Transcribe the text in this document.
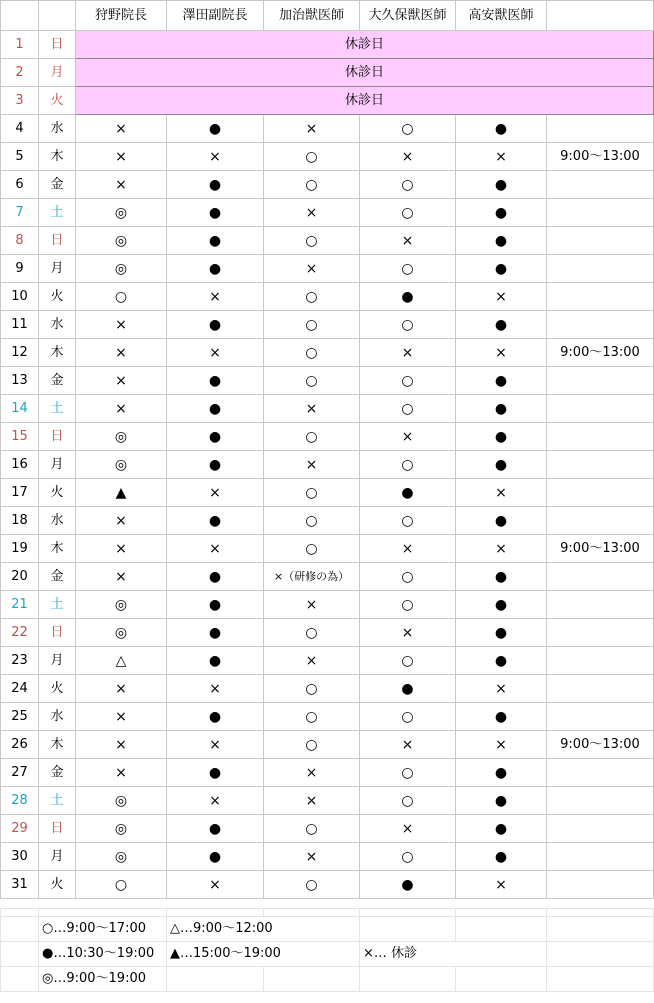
		狩野院長	澤田副院長	加治獣医師	大久保獣医師	高安獣医師	
1	日	休診日					
2	月	休診日					
3	火	休診日					
4	水	×	●	×	○	●	
5	木	×	×	○	×	×	9:00〜13:00
6	金	×	●	○	○	●	
7	土	◎	●	×	○	●	
8	日	◎	●	○	×	●	
9	月	◎	●	×	○	●	
10	火	○	×	○	●	×	
11	水	×	●	○	○	●	
12	木	×	×	○	×	×	9:00〜13:00
13	金	×	●	○	○	●	
14	土	×	●	×	○	●	
15	日	◎	●	○	×	●	
16	月	◎	●	×	○	●	
17	火	▲	×	○	●	×	
18	水	×	●	○	○	●	
19	木	×	×	○	×	×	9:00〜13:00
20	金	×	●	×（研修の為）	○	●	
21	土	◎	●	×	○	●	
22	日	◎	●	○	×	●	
23	月	△	●	×	○	●	
24	火	×	×	○	●	×	
25	水	×	●	○	○	●	
26	木	×	×	○	×	×	9:00〜13:00
27	金	×	●	×	○	●	
28	土	◎	×	×	○	●	
29	日	◎	●	○	×	●	
30	月	◎	●	×	○	●	
31	火	○	×	○	●	×	

	○…9:00〜17:00	△…9:00〜12:00				
	●…10:30〜19:00	▲…15:00〜19:00		×… 休診		
	◎…9:00〜19:00					
